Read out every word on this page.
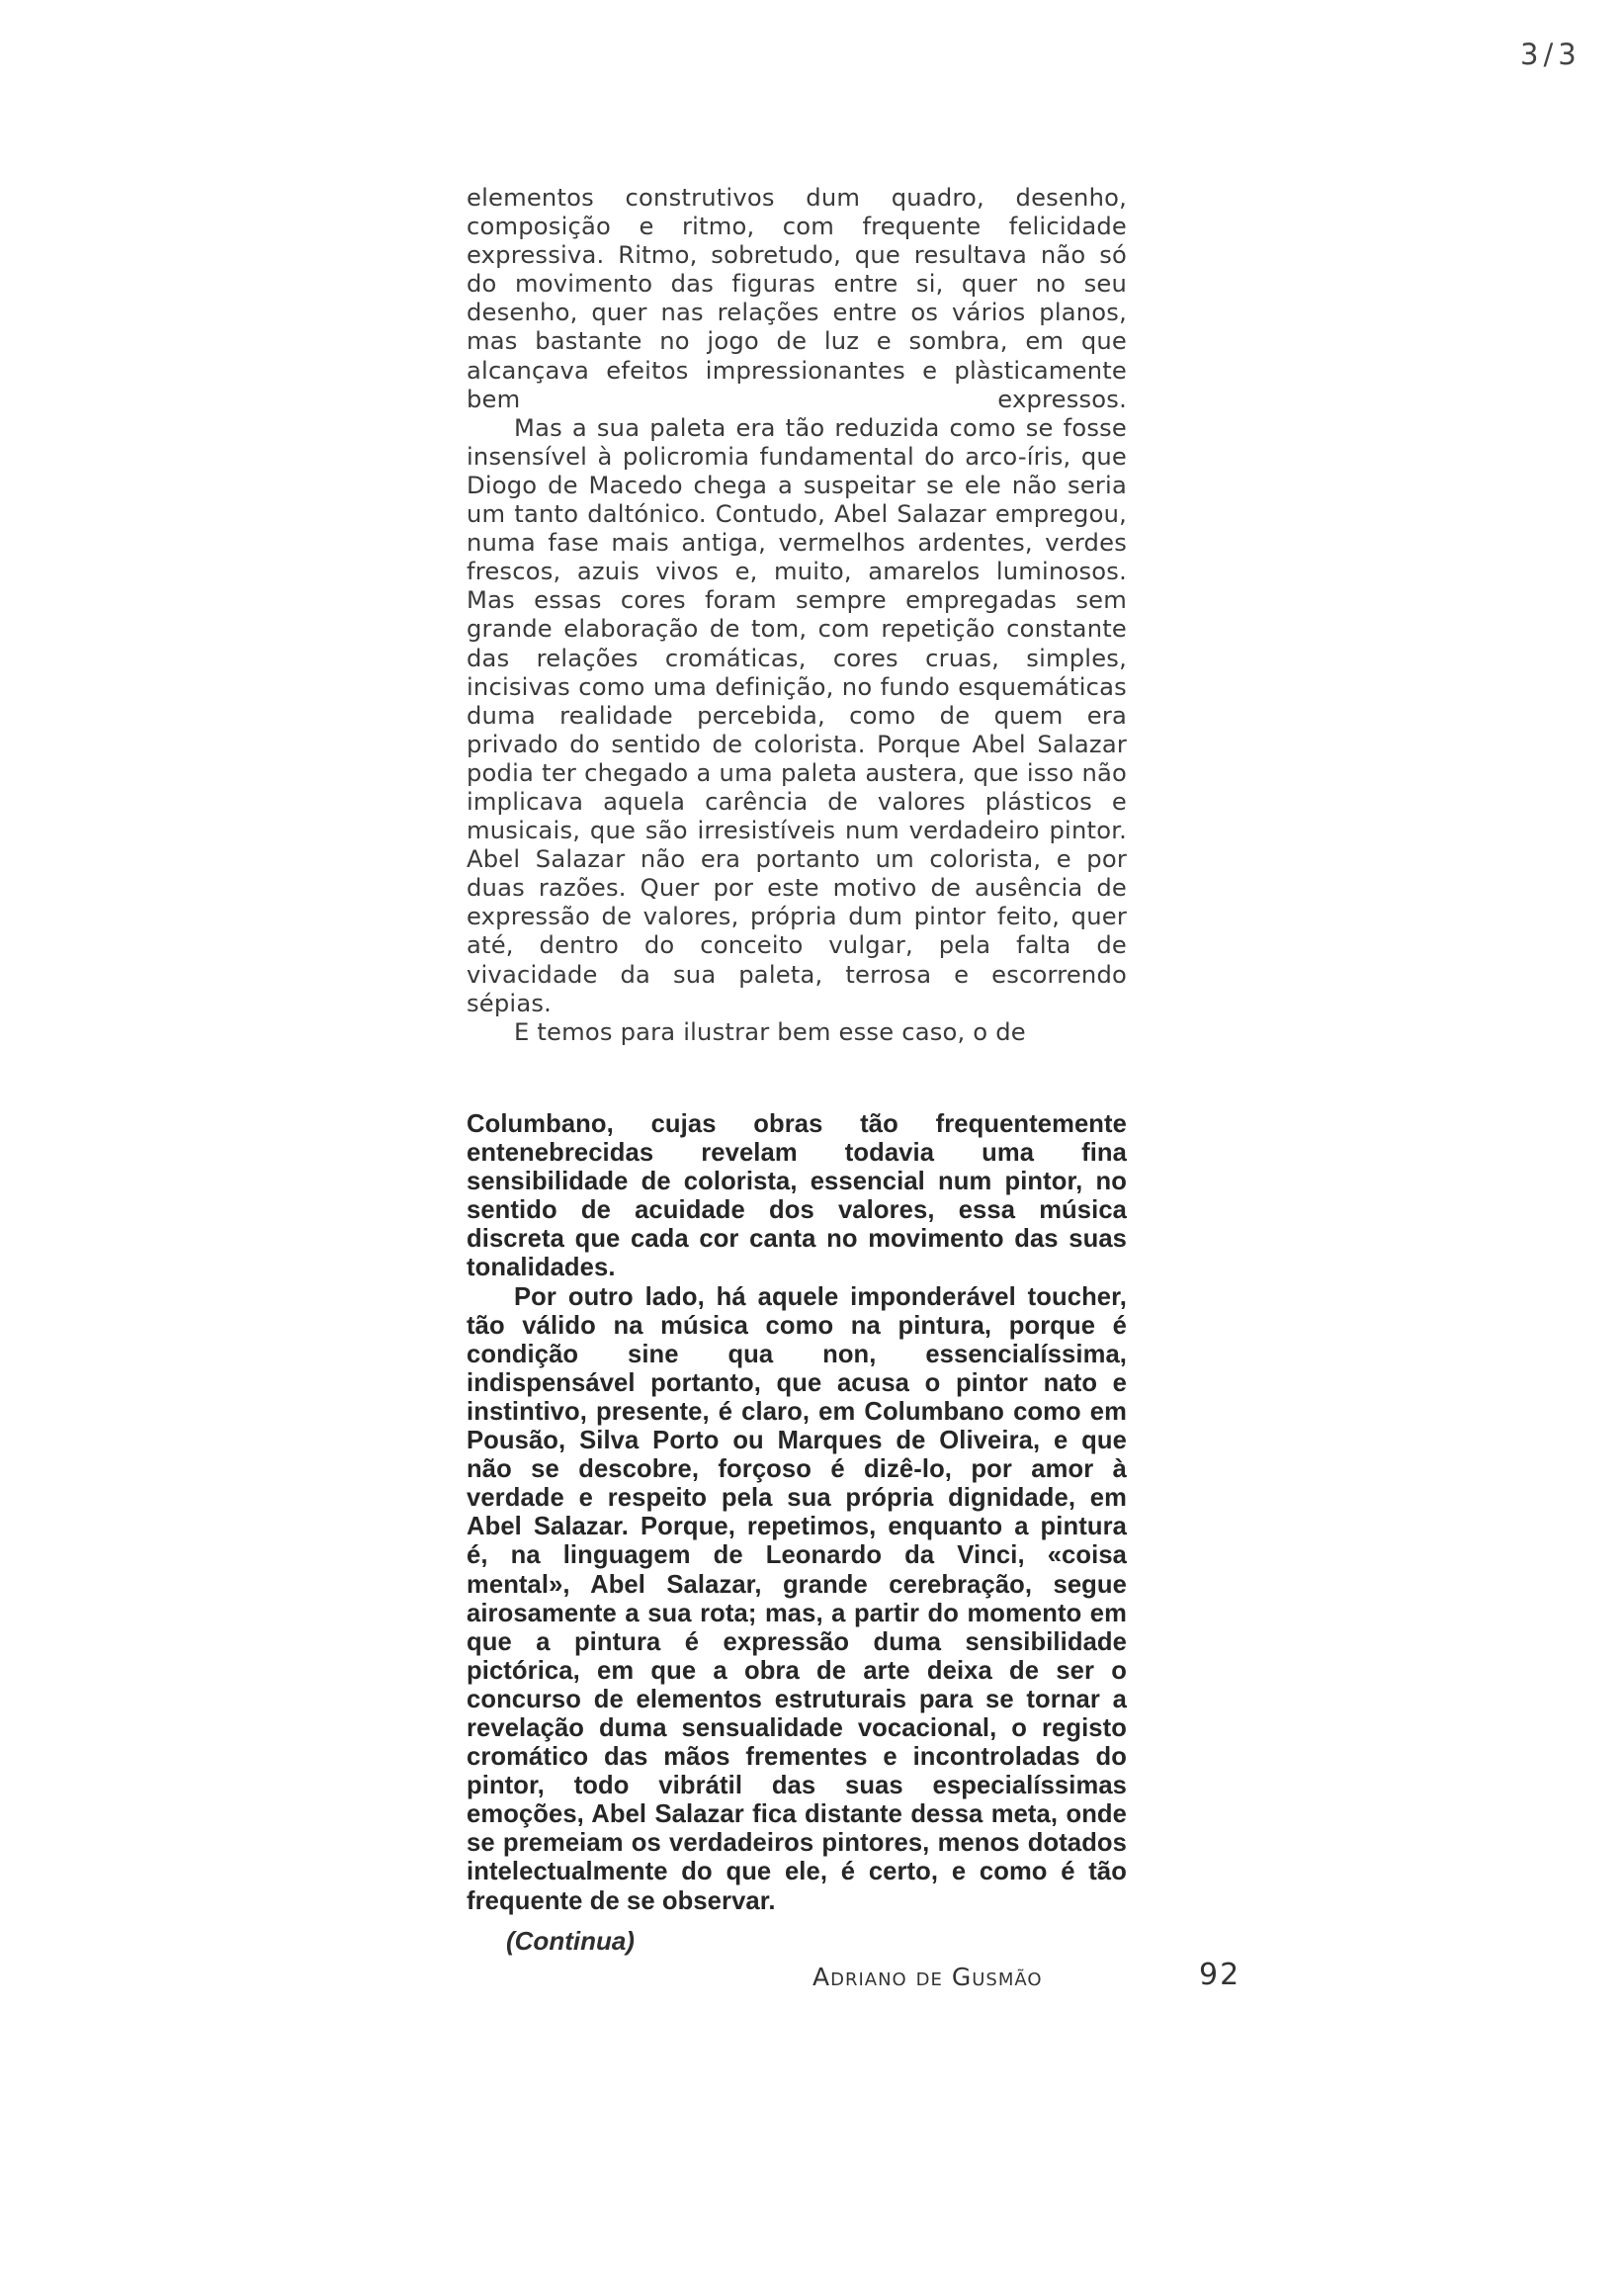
3/3

elementos construtivos dum quadro, desenho, composição e ritmo, com frequente felicidade expressiva. Ritmo, sobretudo, que resultava não só do movimento das figuras entre si, quer no seu desenho, quer nas relações entre os vários planos, mas bastante no jogo de luz e sombra, em que alcançava efeitos impressionantes e plàsticamente bem expressos.

Mas a sua paleta era tão reduzida como se fosse insensível à policromia fundamental do arco-íris, que Diogo de Macedo chega a suspeitar se ele não seria um tanto daltónico. Contudo, Abel Salazar empregou, numa fase mais antiga, vermelhos ardentes, verdes frescos, azuis vivos e, muito, amarelos luminosos. Mas essas cores foram sempre empregadas sem grande elaboração de tom, com repetição constante das relações cromáticas, cores cruas, simples, incisivas como uma definição, no fundo esquemáticas duma realidade percebida, como de quem era privado do sentido de colorista. Porque Abel Salazar podia ter chegado a uma paleta austera, que isso não implicava aquela carência de valores plásticos e musicais, que são irresistíveis num verdadeiro pintor. Abel Salazar não era portanto um colorista, e por duas razões. Quer por este motivo de ausência de expressão de valores, própria dum pintor feito, quer até, dentro do conceito vulgar, pela falta de vivacidade da sua paleta, terrosa e escorrendo sépias.

E temos para ilustrar bem esse caso, o de

Columbano, cujas obras tão frequentemente entenebrecidas revelam todavia uma fina sensibilidade de colorista, essencial num pintor, no sentido de acuidade dos valores, essa música discreta que cada cor canta no movimento das suas tonalidades.

Por outro lado, há aquele imponderável toucher, tão válido na música como na pintura, porque é condição sine qua non, essencialíssima, indispensável portanto, que acusa o pintor nato e instintivo, presente, é claro, em Columbano como em Pousão, Silva Porto ou Marques de Oliveira, e que não se descobre, forçoso é dizê-lo, por amor à verdade e respeito pela sua própria dignidade, em Abel Salazar. Porque, repetimos, enquanto a pintura é, na linguagem de Leonardo da Vinci, «coisa mental», Abel Salazar, grande cerebração, segue airosamente a sua rota; mas, a partir do momento em que a pintura é expressão duma sensibilidade pictórica, em que a obra de arte deixa de ser o concurso de elementos estruturais para se tornar a revelação duma sensualidade vocacional, o registo cromático das mãos frementes e incontroladas do pintor, todo vibrátil das suas especialíssimas emoções, Abel Salazar fica distante dessa meta, onde se premeiam os verdadeiros pintores, menos dotados intelectualmente do que ele, é certo, e como é tão frequente de se observar.

(Continua)
Adriano de Gusmão	92
